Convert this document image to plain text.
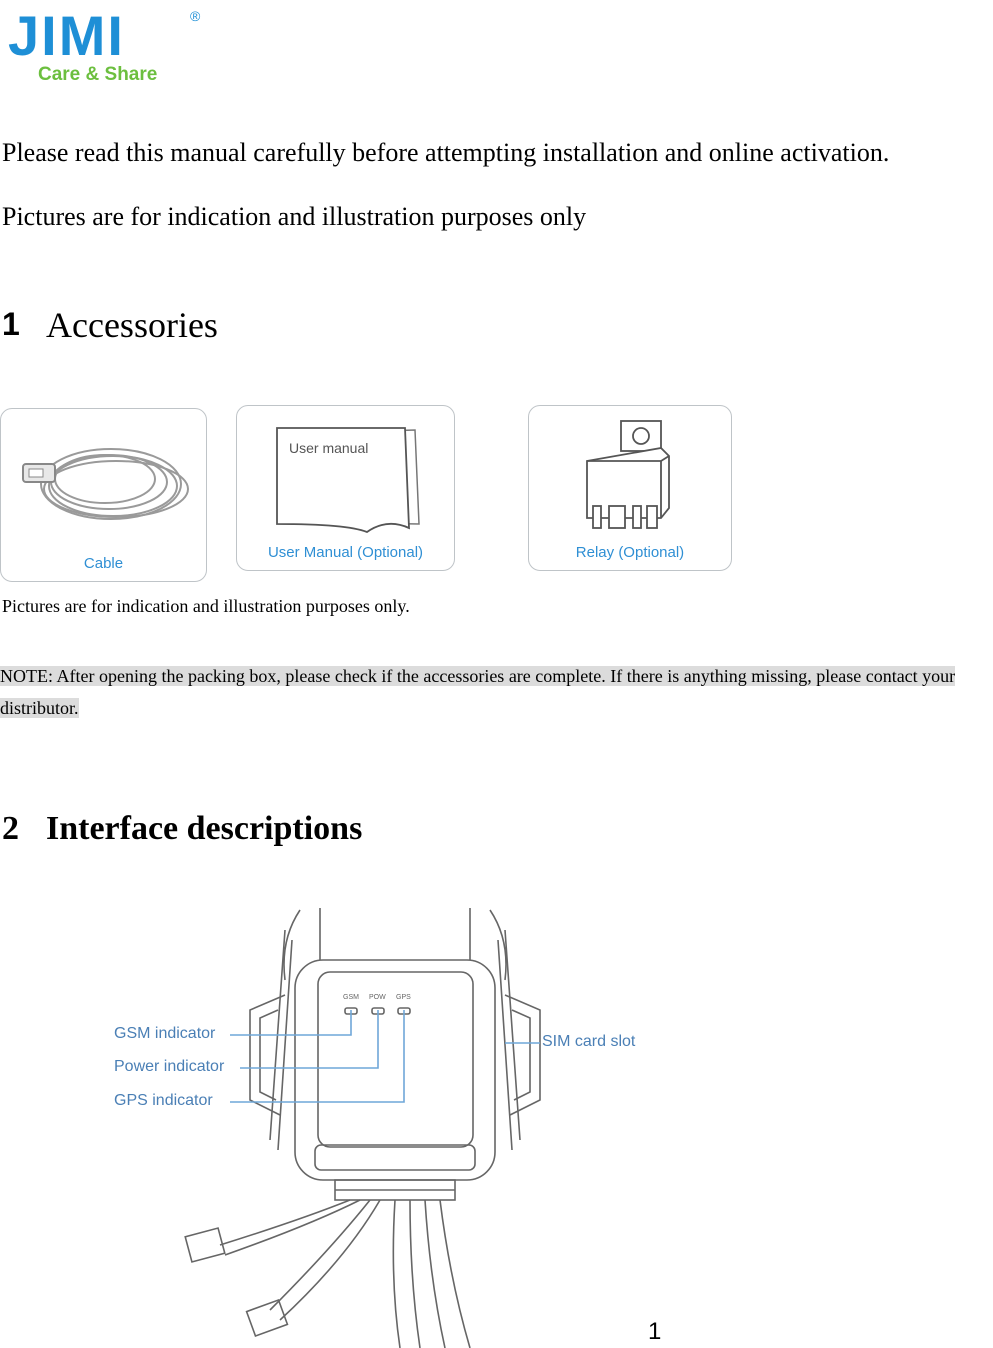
JIMI	®
Care & Share
Please read this manual carefully before attempting installation and online activation.
Pictures are for indication and illustration purposes only
1 Accessories
Cable
User manual
User Manual (Optional)	Relay (Optional)
Pictures are for indication and illustration purposes only.
NOTE: After opening the packing box, please check if the accessories are complete. If there is anything missing, please contact your distributor.
2 Interface descriptions
GSM POW GPS
GSM indicator
Power indicator
GPS indicator
SIM card slot
1
